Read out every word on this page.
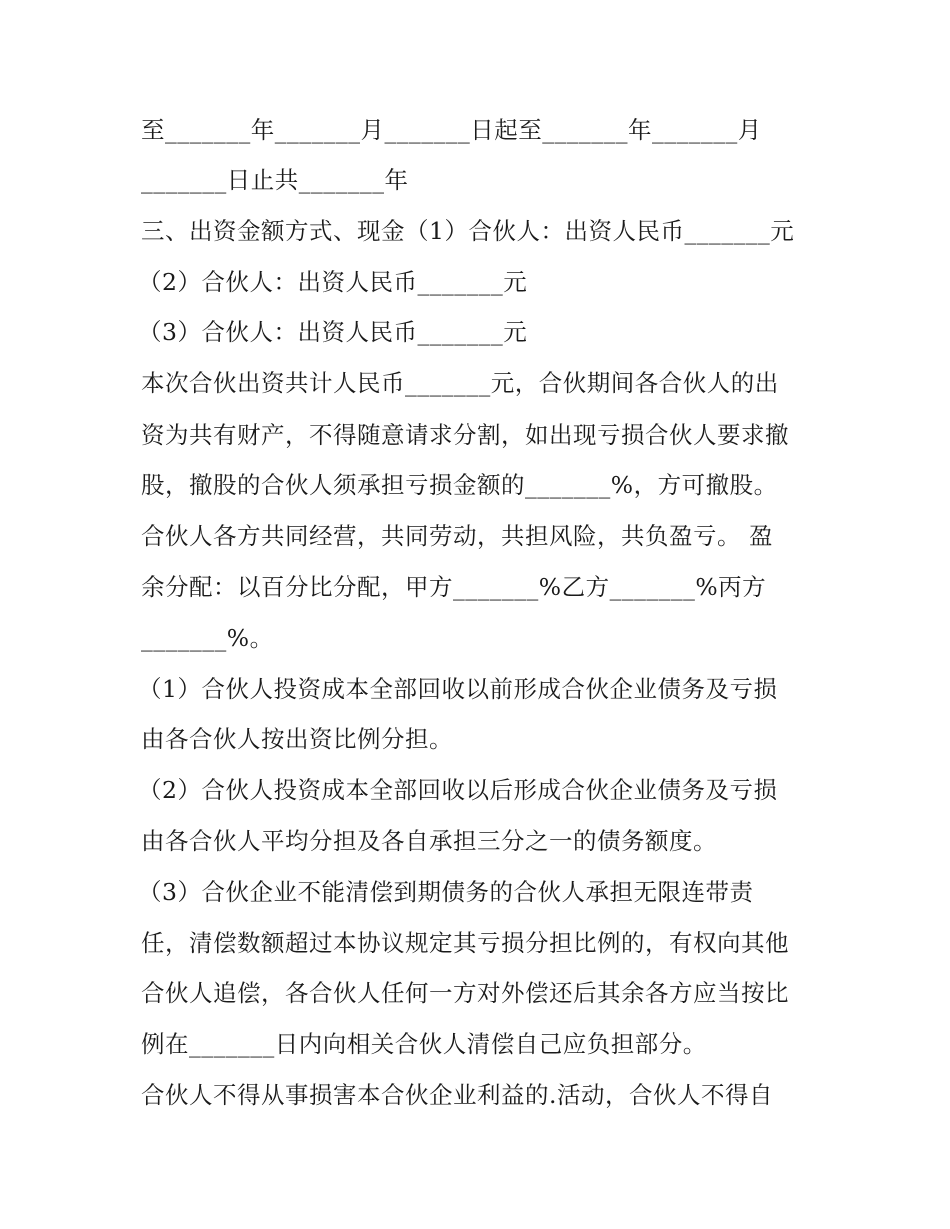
至_______年_______月_______日起至_______年_______月
_______日止共_______年
三、出资金额方式、现金（1）合伙人：出资人民币_______元
（2）合伙人：出资人民币_______元
（3）合伙人：出资人民币_______元
本次合伙出资共计人民币_______元，合伙期间各合伙人的出
资为共有财产，不得随意请求分割，如出现亏损合伙人要求撤
股，撤股的合伙人须承担亏损金额的_______%，方可撤股。
合伙人各方共同经营，共同劳动，共担风险，共负盈亏。 盈
余分配：以百分比分配，甲方_______%乙方_______%丙方
_______%。
（1）合伙人投资成本全部回收以前形成合伙企业债务及亏损
由各合伙人按出资比例分担。
（2）合伙人投资成本全部回收以后形成合伙企业债务及亏损
由各合伙人平均分担及各自承担三分之一的债务额度。
（3）合伙企业不能清偿到期债务的合伙人承担无限连带责
任，清偿数额超过本协议规定其亏损分担比例的，有权向其他
合伙人追偿，各合伙人任何一方对外偿还后其余各方应当按比
例在_______日内向相关合伙人清偿自己应负担部分。
合伙人不得从事损害本合伙企业利益的.活动，合伙人不得自
